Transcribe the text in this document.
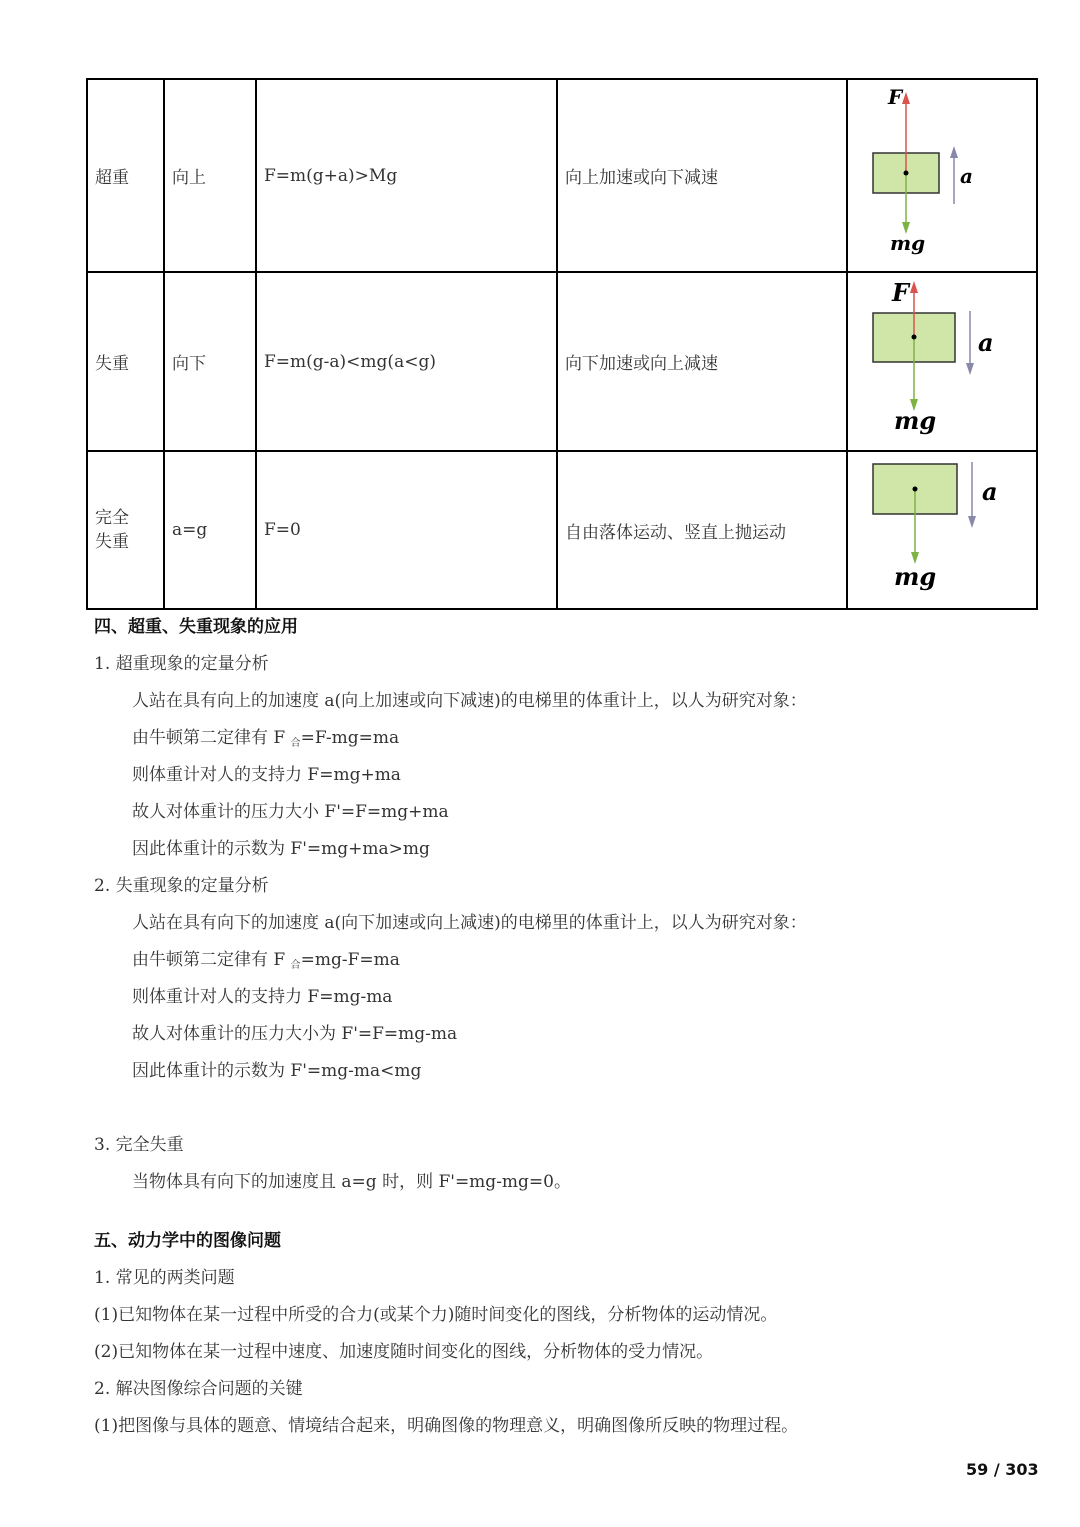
超重	向上	F=m(g+a)>Mg	向上加速或向下减速	F
a
mg

失重	向下	F=m(g-a)<mg(a<g)	向下加速或向上减速	F
a
mg

完全失重	a=g	F=0	自由落体运动、竖直上抛运动	a
mg
四、超重、失重现象的应用
1. 超重现象的定量分析
人站在具有向上的加速度 a(向上加速或向下减速)的电梯里的体重计上，以人为研究对象：
由牛顿第二定律有 F $_合$=F-mg=ma
则体重计对人的支持力 F=mg+ma
故人对体重计的压力大小 F'=F=mg+ma
因此体重计的示数为 F'=mg+ma>mg
2. 失重现象的定量分析
人站在具有向下的加速度 a(向下加速或向上减速)的电梯里的体重计上，以人为研究对象：
由牛顿第二定律有 F $_合$=mg-F=ma
则体重计对人的支持力 F=mg-ma
故人对体重计的压力大小为 F'=F=mg-ma
因此体重计的示数为 F'=mg-ma<mg
3. 完全失重
当物体具有向下的加速度且 a=g 时，则 F'=mg-mg=0。
五、动力学中的图像问题
1. 常见的两类问题
(1)已知物体在某一过程中所受的合力(或某个力)随时间变化的图线，分析物体的运动情况。
(2)已知物体在某一过程中速度、加速度随时间变化的图线，分析物体的受力情况。
2. 解决图像综合问题的关键
(1)把图像与具体的题意、情境结合起来，明确图像的物理意义，明确图像所反映的物理过程。
59 / 303
